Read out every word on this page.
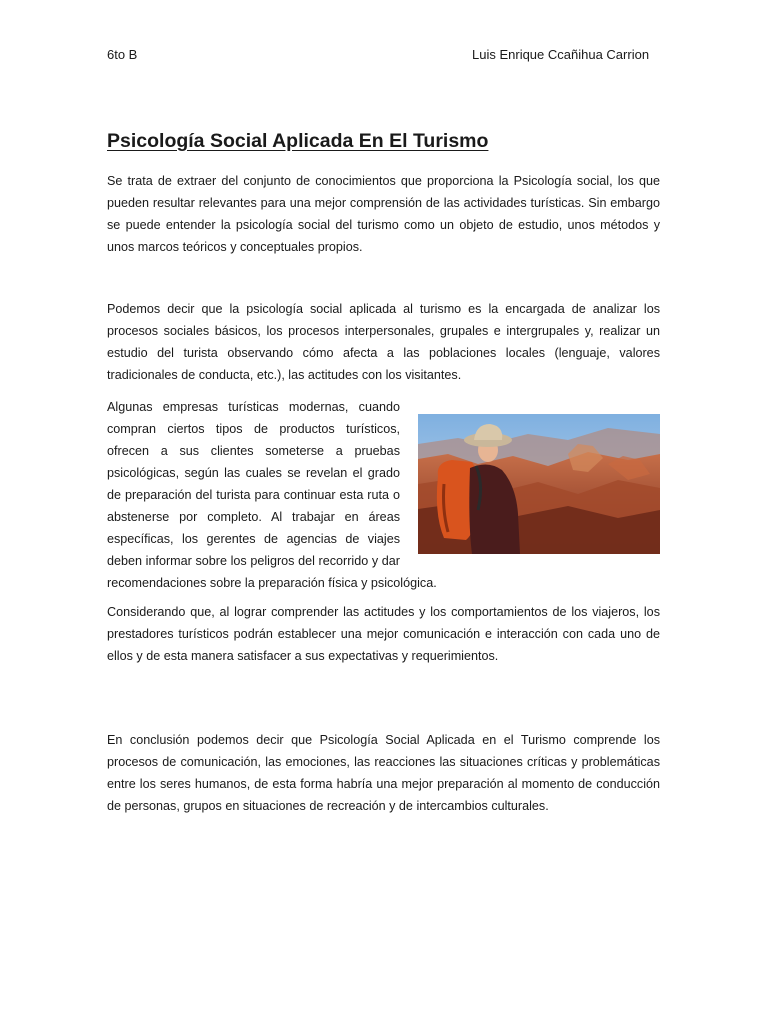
6to B	Luis Enrique Ccañihua Carrion
Psicología Social Aplicada En El Turismo

Se trata de extraer del conjunto de conocimientos que proporciona la Psicología social, los que pueden resultar relevantes para una mejor comprensión de las actividades turísticas. Sin embargo se puede entender la psicología social del turismo como un objeto de estudio, unos métodos y unos marcos teóricos y conceptuales propios.

Podemos decir que la psicología social aplicada al turismo es la encargada de analizar los procesos sociales básicos, los procesos interpersonales, grupales e intergrupales y, realizar un estudio del turista observando cómo afecta a las poblaciones locales (lenguaje, valores tradicionales de conducta, etc.), las actitudes con los visitantes.

Algunas empresas turísticas modernas, cuando compran ciertos tipos de productos turísticos, ofrecen a sus clientes someterse a pruebas psicológicas, según las cuales se revelan el grado de preparación del turista para continuar esta ruta o abstenerse por completo. Al trabajar en áreas específicas, los gerentes de agencias de viajes deben informar sobre los peligros del recorrido y dar recomendaciones sobre la preparación física y psicológica.

Considerando que, al lograr comprender las actitudes y los comportamientos de los viajeros, los prestadores turísticos podrán establecer una mejor comunicación e interacción con cada uno de ellos y de esta manera satisfacer a sus expectativas y requerimientos.

En conclusión podemos decir que Psicología Social Aplicada en el Turismo comprende los procesos de comunicación, las emociones, las reacciones las situaciones críticas y problemáticas entre los seres humanos, de esta forma habría una mejor preparación al momento de conducción de personas, grupos en situaciones de recreación y de intercambios culturales.
